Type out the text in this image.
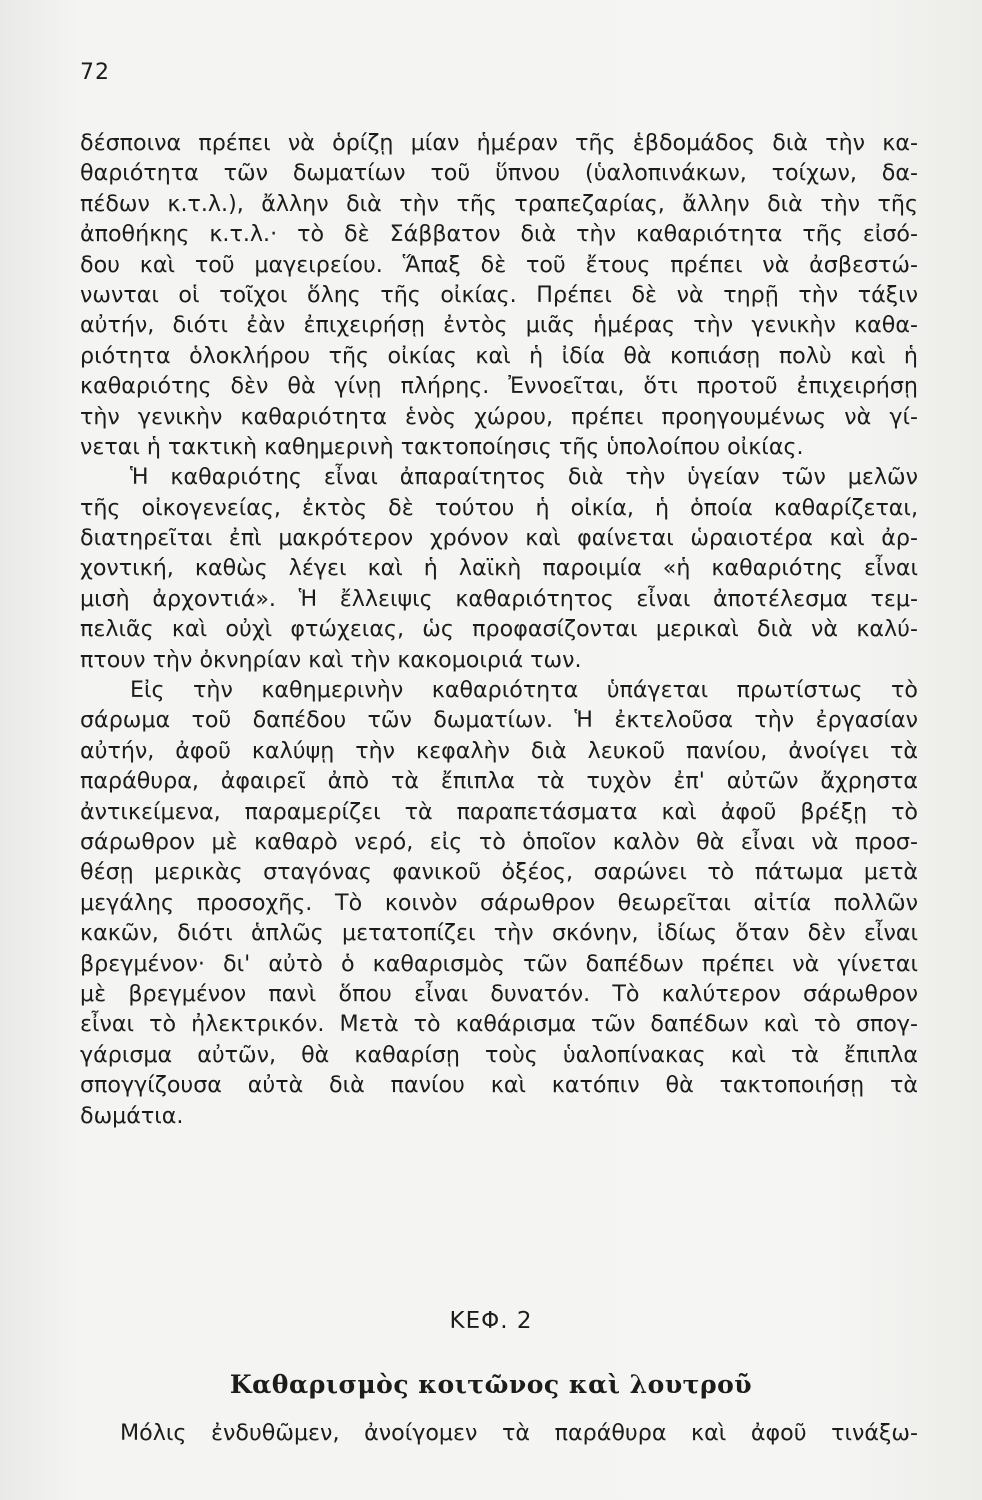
72
δέσποινα πρέπει νὰ ὁρίζῃ μίαν ἡμέραν τῆς ἑβδομάδος διὰ τὴν κα-
θαριότητα τῶν δωματίων τοῦ ὕπνου (ὑαλοπινάκων, τοίχων, δα-
πέδων κ.τ.λ.), ἄλλην διὰ τὴν τῆς τραπεζαρίας, ἄλλην διὰ τὴν τῆς
ἀποθήκης κ.τ.λ.· τὸ δὲ Σάββατον διὰ τὴν καθαριότητα τῆς εἰσό-
δου καὶ τοῦ μαγειρείου. Ἅπαξ δὲ τοῦ ἔτους πρέπει νὰ ἀσβεστώ-
νωνται οἱ τοῖχοι ὅλης τῆς οἰκίας. Πρέπει δὲ νὰ τηρῇ τὴν τάξιν
αὐτήν, διότι ἐὰν ἐπιχειρήσῃ ἐντὸς μιᾶς ἡμέρας τὴν γενικὴν καθα-
ριότητα ὁλοκλήρου τῆς οἰκίας καὶ ἡ ἰδία θὰ κοπιάσῃ πολὺ καὶ ἡ
καθαριότης δὲν θὰ γίνῃ πλήρης. Ἐννοεῖται, ὅτι προτοῦ ἐπιχειρήσῃ
τὴν γενικὴν καθαριότητα ἑνὸς χώρου, πρέπει προηγουμένως νὰ γί-
νεται ἡ τακτικὴ καθημερινὴ τακτοποίησις τῆς ὑπολοίπου οἰκίας.
Ἡ καθαριότης εἶναι ἀπαραίτητος διὰ τὴν ὑγείαν τῶν μελῶν
τῆς οἰκογενείας, ἐκτὸς δὲ τούτου ἡ οἰκία, ἡ ὁποία καθαρίζεται,
διατηρεῖται ἐπὶ μακρότερον χρόνον καὶ φαίνεται ὡραιοτέρα καὶ ἀρ-
χοντική, καθὼς λέγει καὶ ἡ λαϊκὴ παροιμία «ἡ καθαριότης εἶναι
μισὴ ἀρχοντιά». Ἡ ἔλλειψις καθαριότητος εἶναι ἀποτέλεσμα τεμ-
πελιᾶς καὶ οὐχὶ φτώχειας, ὡς προφασίζονται μερικαὶ διὰ νὰ καλύ-
πτουν τὴν ὀκνηρίαν καὶ τὴν κακομοιριά των.
Εἰς τὴν καθημερινὴν καθαριότητα ὑπάγεται πρωτίστως τὸ
σάρωμα τοῦ δαπέδου τῶν δωματίων. Ἡ ἐκτελοῦσα τὴν ἐργασίαν
αὐτήν, ἀφοῦ καλύψῃ τὴν κεφαλὴν διὰ λευκοῦ πανίου, ἀνοίγει τὰ
παράθυρα, ἀφαιρεῖ ἀπὸ τὰ ἔπιπλα τὰ τυχὸν ἐπ' αὐτῶν ἄχρηστα
ἀντικείμενα, παραμερίζει τὰ παραπετάσματα καὶ ἀφοῦ βρέξῃ τὸ
σάρωθρον μὲ καθαρὸ νερό, εἰς τὸ ὁποῖον καλὸν θὰ εἶναι νὰ προσ-
θέσῃ μερικὰς σταγόνας φανικοῦ ὀξέος, σαρώνει τὸ πάτωμα μετὰ
μεγάλης προσοχῆς. Τὸ κοινὸν σάρωθρον θεωρεῖται αἰτία πολλῶν
κακῶν, διότι ἁπλῶς μετατοπίζει τὴν σκόνην, ἰδίως ὅταν δὲν εἶναι
βρεγμένον· δι' αὐτὸ ὁ καθαρισμὸς τῶν δαπέδων πρέπει νὰ γίνεται
μὲ βρεγμένον πανὶ ὅπου εἶναι δυνατόν. Τὸ καλύτερον σάρωθρον
εἶναι τὸ ἠλεκτρικόν. Μετὰ τὸ καθάρισμα τῶν δαπέδων καὶ τὸ σπογ-
γάρισμα αὐτῶν, θὰ καθαρίσῃ τοὺς ὑαλοπίνακας καὶ τὰ ἔπιπλα
σπογγίζουσα αὐτὰ διὰ πανίου καὶ κατόπιν θὰ τακτοποιήσῃ τὰ
δωμάτια.
ΚΕΦ. 2
Καθαρισμὸς κοιτῶνος καὶ λουτροῦ
Μόλις ἐνδυθῶμεν, ἀνοίγομεν τὰ παράθυρα καὶ ἀφοῦ τινάξω-
